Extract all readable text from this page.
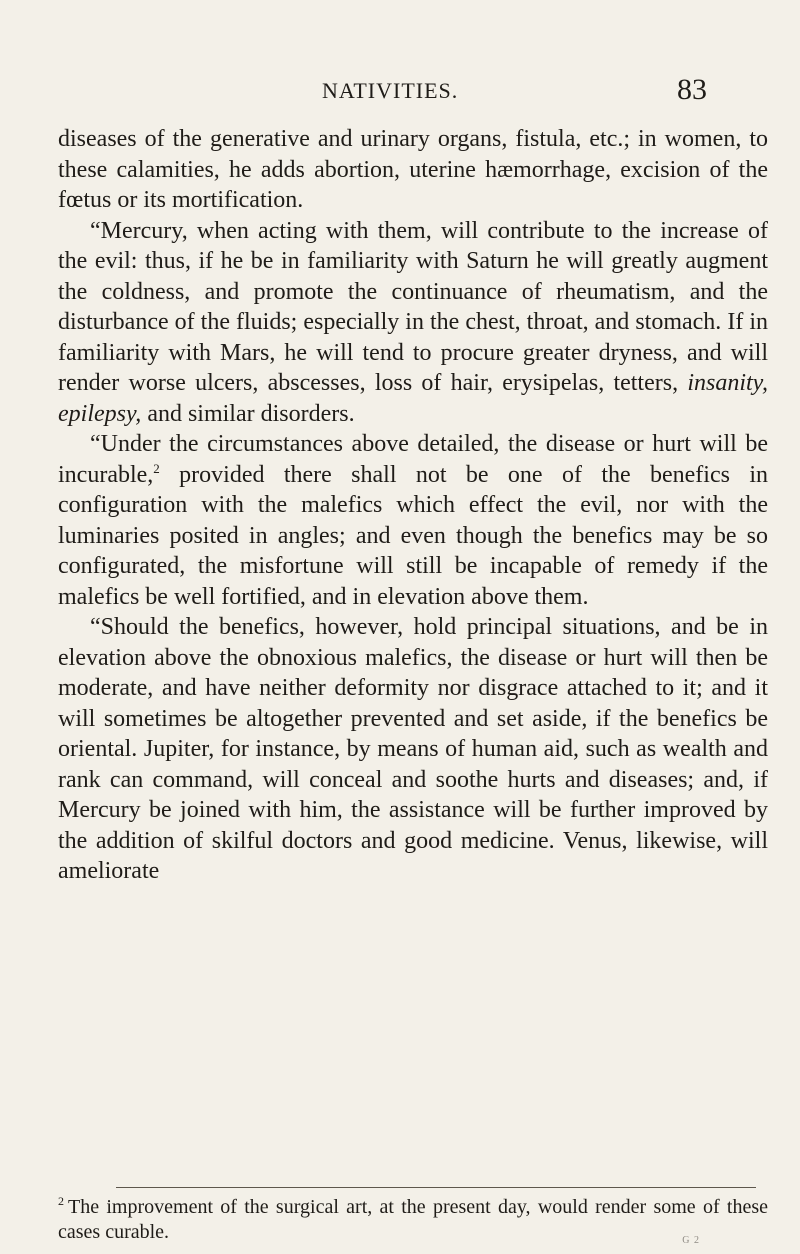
NATIVITIES.	83

diseases of the generative and urinary organs, fistula, etc.; in women, to these calamities, he adds abortion, uterine hæmorrhage, excision of the fœtus or its mortification.

“Mercury, when acting with them, will contribute to the increase of the evil: thus, if he be in familiarity with Saturn he will greatly augment the coldness, and promote the continuance of rheumatism, and the disturbance of the fluids; especially in the chest, throat, and stomach. If in familiarity with Mars, he will tend to procure greater dryness, and will render worse ulcers, abscesses, loss of hair, erysipelas, tetters, insanity, epilepsy, and similar disorders.

“Under the circumstances above detailed, the disease or hurt will be incurable,$^2$ provided there shall not be one of the benefics in configuration with the malefics which effect the evil, nor with the luminaries posited in angles; and even though the benefics may be so configurated, the misfortune will still be incapable of remedy if the malefics be well fortified, and in elevation above them.

“Should the benefics, however, hold principal situations, and be in elevation above the obnoxious malefics, the disease or hurt will then be moderate, and have neither deformity nor disgrace attached to it; and it will sometimes be altogether prevented and set aside, if the benefics be oriental. Jupiter, for instance, by means of human aid, such as wealth and rank can command, will conceal and soothe hurts and diseases; and, if Mercury be joined with him, the assistance will be further improved by the addition of skilful doctors and good medicine. Venus, likewise, will ameliorate

$^2$ The improvement of the surgical art, at the present day, would render some of these cases curable.	G 2
